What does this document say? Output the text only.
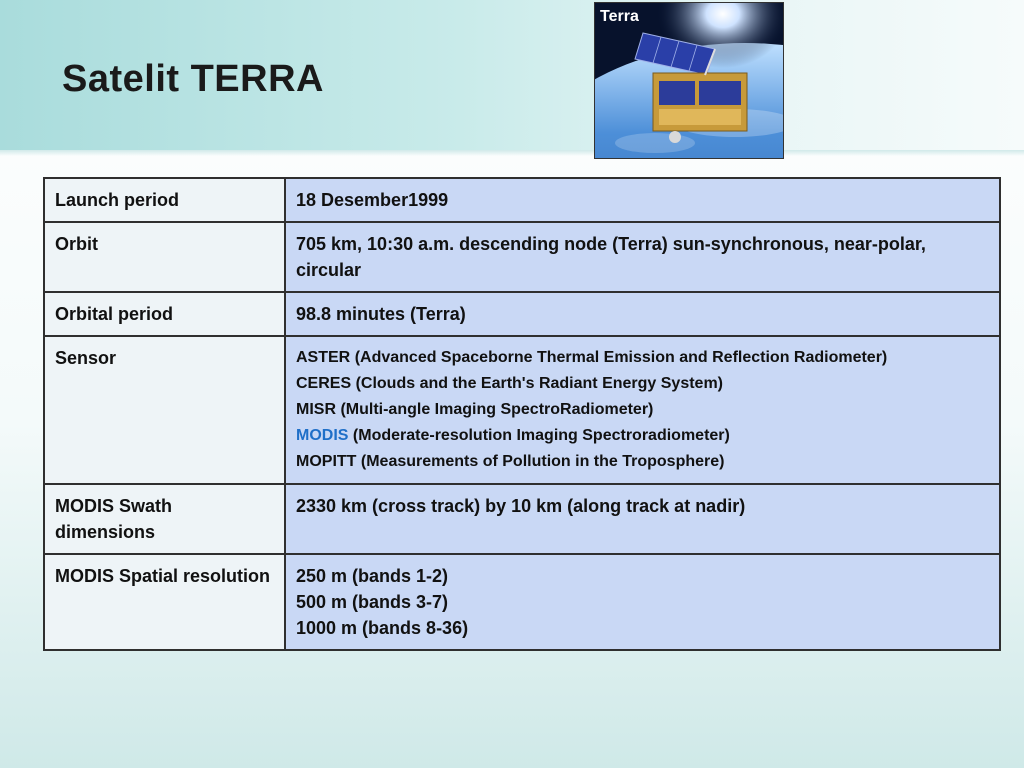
Satelit TERRA
Terra
Launch period	18 Desember1999
Orbit	705 km, 10:30 a.m. descending node (Terra) sun-synchronous, near-polar, circular
Orbital period	98.8 minutes (Terra)
Sensor	ASTER (Advanced Spaceborne Thermal Emission and Reflection Radiometer)
CERES (Clouds and the Earth's Radiant Energy System)
MISR (Multi-angle Imaging SpectroRadiometer)
MODIS (Moderate-resolution Imaging Spectroradiometer)
MOPITT (Measurements of Pollution in the Troposphere)

MODIS Swath dimensions	2330 km (cross track) by 10 km (along track at nadir)
MODIS Spatial resolution	250 m (bands 1-2)
500 m (bands 3-7)
1000 m (bands 8-36)
